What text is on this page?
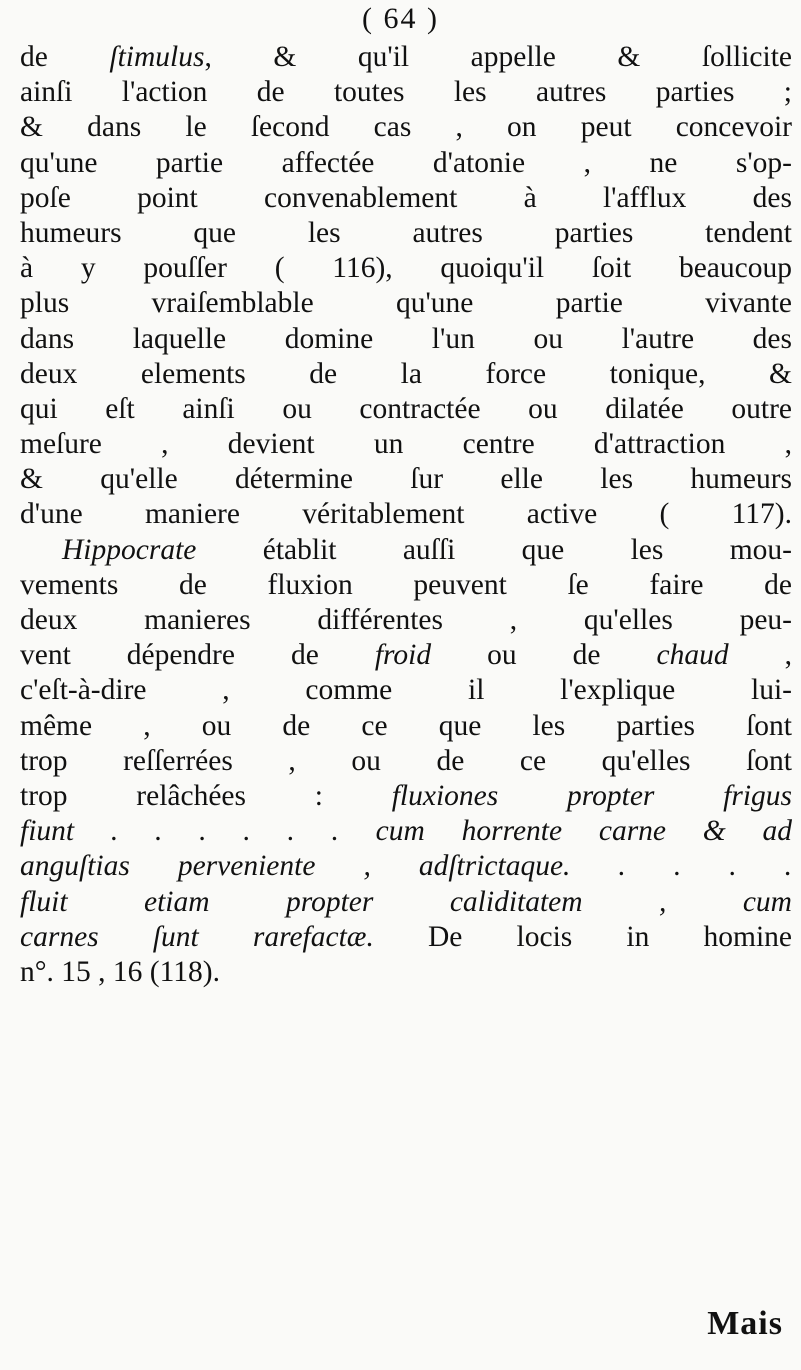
( 64 )
de ſtimulus, & qu'il appelle & ſollicite
ainſi l'action de toutes les autres parties ;
& dans le ſecond cas , on peut concevoir
qu'une partie affectée d'atonie , ne s'op-
poſe point convenablement à l'afflux des
humeurs que les autres parties tendent
à y pouſſer ( 116), quoiqu'il ſoit beaucoup
plus vraiſemblable qu'une partie vivante
dans laquelle domine l'un ou l'autre des
deux elements de la force tonique, &
qui eſt ainſi ou contractée ou dilatée outre
meſure , devient un centre d'attraction ,
& qu'elle détermine ſur elle les humeurs
d'une maniere véritablement active ( 117).
Hippocrate établit auſſi que les mou-
vements de fluxion peuvent ſe faire de
deux manieres différentes , qu'elles peu-
vent dépendre de froid ou de chaud ,
c'eſt-à-dire , comme il l'explique lui-
même , ou de ce que les parties ſont
trop reſſerrées , ou de ce qu'elles ſont
trop relâchées : fluxiones propter frigus
fiunt . . . . . . cum horrente carne & ad
anguſtias perveniente , adſtrictaque. . . . .
fluit etiam propter caliditatem , cum
carnes ſunt rarefactæ. De locis in homine
n°. 15 , 16 (118).
Mais
